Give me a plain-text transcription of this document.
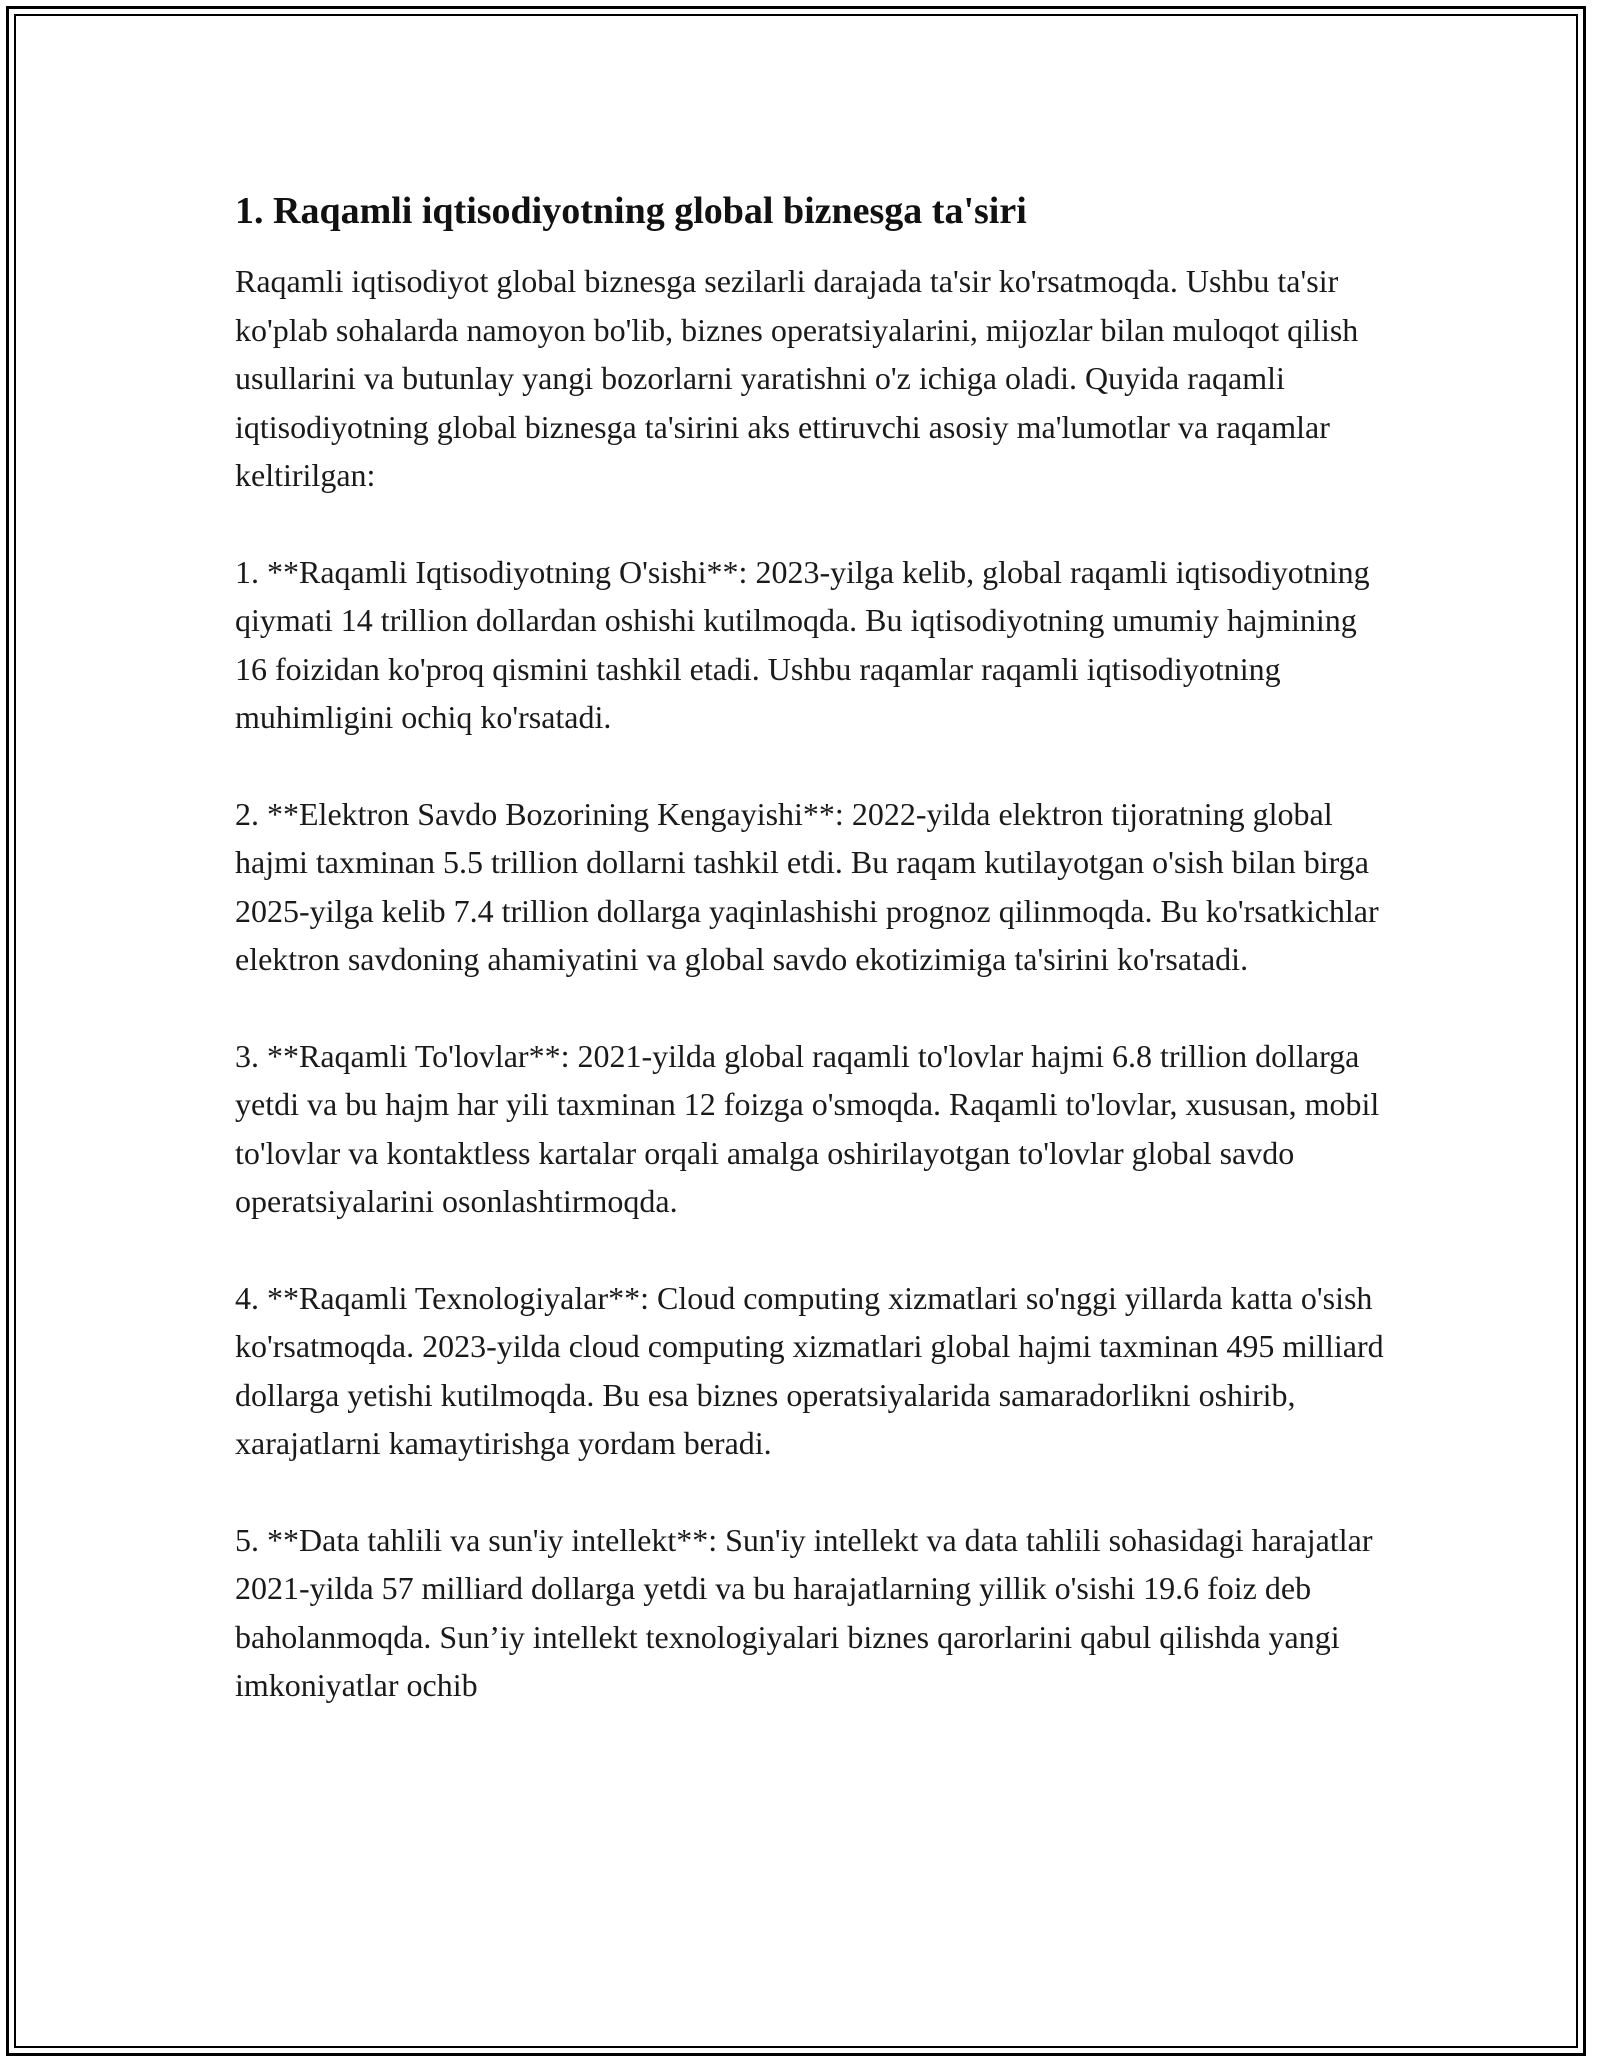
1. Raqamli iqtisodiyotning global biznesga ta'siri

Raqamli iqtisodiyot global biznesga sezilarli darajada ta'sir ko'rsatmoqda. Ushbu ta'sir ko'plab sohalarda namoyon bo'lib, biznes operatsiyalarini, mijozlar bilan muloqot qilish usullarini va butunlay yangi bozorlarni yaratishni o'z ichiga oladi. Quyida raqamli iqtisodiyotning global biznesga ta'sirini aks ettiruvchi asosiy ma'lumotlar va raqamlar keltirilgan:

1. **Raqamli Iqtisodiyotning O'sishi**: 2023-yilga kelib, global raqamli iqtisodiyotning qiymati 14 trillion dollardan oshishi kutilmoqda. Bu iqtisodiyotning umumiy hajmining 16 foizidan ko'proq qismini tashkil etadi. Ushbu raqamlar raqamli iqtisodiyotning muhimligini ochiq ko'rsatadi.

2. **Elektron Savdo Bozorining Kengayishi**: 2022-yilda elektron tijoratning global hajmi taxminan 5.5 trillion dollarni tashkil etdi. Bu raqam kutilayotgan o'sish bilan birga 2025-yilga kelib 7.4 trillion dollarga yaqinlashishi prognoz qilinmoqda. Bu ko'rsatkichlar elektron savdoning ahamiyatini va global savdo ekotizimiga ta'sirini ko'rsatadi.

3. **Raqamli To'lovlar**: 2021-yilda global raqamli to'lovlar hajmi 6.8 trillion dollarga yetdi va bu hajm har yili taxminan 12 foizga o'smoqda. Raqamli to'lovlar, xususan, mobil to'lovlar va kontaktless kartalar orqali amalga oshirilayotgan to'lovlar global savdo operatsiyalarini osonlashtirmoqda.

4. **Raqamli Texnologiyalar**: Cloud computing xizmatlari so'nggi yillarda katta o'sish ko'rsatmoqda. 2023-yilda cloud computing xizmatlari global hajmi taxminan 495 milliard dollarga yetishi kutilmoqda. Bu esa biznes operatsiyalarida samaradorlikni oshirib, xarajatlarni kamaytirishga yordam beradi.

5. **Data tahlili va sun'iy intellekt**: Sun'iy intellekt va data tahlili sohasidagi harajatlar 2021-yilda 57 milliard dollarga yetdi va bu harajatlarning yillik o'sishi 19.6 foiz deb baholanmoqda. Sun’iy intellekt texnologiyalari biznes qarorlarini qabul qilishda yangi imkoniyatlar ochib
